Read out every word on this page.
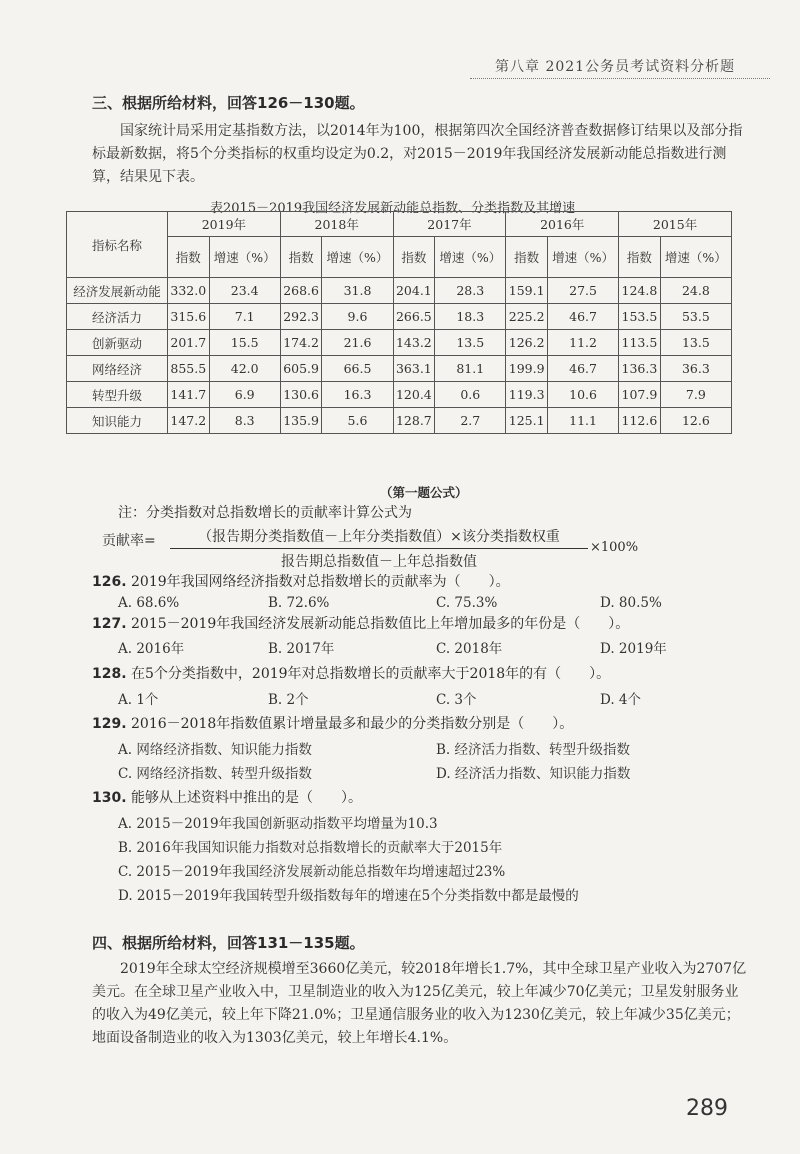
第八章 2021公务员考试资料分析题
三、根据所给材料，回答126－130题。
国家统计局采用定基指数方法，以2014年为100，根据第四次全国经济普查数据修订结果以及部分指标最新数据，将5个分类指标的权重均设定为0.2，对2015－2019年我国经济发展新动能总指数进行测算，结果见下表。
表2015－2019我国经济发展新动能总指数、分类指数及其增速
指标名称	2019年		2018年		2017年		2016年		2015年	
	指数	增速（%）	指数	增速（%）	指数	增速（%）	指数	增速（%）	指数	增速（%）
经济发展新动能	332.0	23.4	268.6	31.8	204.1	28.3	159.1	27.5	124.8	24.8
经济活力	315.6	7.1	292.3	9.6	266.5	18.3	225.2	46.7	153.5	53.5
创新驱动	201.7	15.5	174.2	21.6	143.2	13.5	126.2	11.2	113.5	13.5
网络经济	855.5	42.0	605.9	66.5	363.1	81.1	199.9	46.7	136.3	36.3
转型升级	141.7	6.9	130.6	16.3	120.4	0.6	119.3	10.6	107.9	7.9
知识能力	147.2	8.3	135.9	5.6	128.7	2.7	125.1	11.1	112.6	12.6
（第一题公式）
注：分类指数对总指数增长的贡献率计算公式为
贡献率=	（报告期分类指数值－上年分类指数值）×该分类指数权重
报告期总指数值－上年总指数值
×100%
126. 2019年我国网络经济指数对总指数增长的贡献率为（　　）。
A. 68.6%	B. 72.6%	C. 75.3%	D. 80.5%
127. 2015－2019年我国经济发展新动能总指数值比上年增加最多的年份是（　　）。
A. 2016年	B. 2017年	C. 2018年	D. 2019年
128. 在5个分类指数中，2019年对总指数增长的贡献率大于2018年的有（　　）。
A. 1个	B. 2个	C. 3个	D. 4个
129. 2016－2018年指数值累计增量最多和最少的分类指数分别是（　　）。
A. 网络经济指数、知识能力指数	B. 经济活力指数、转型升级指数
C. 网络经济指数、转型升级指数	D. 经济活力指数、知识能力指数
130. 能够从上述资料中推出的是（　　）。
A. 2015－2019年我国创新驱动指数平均增量为10.3
B. 2016年我国知识能力指数对总指数增长的贡献率大于2015年
C. 2015－2019年我国经济发展新动能总指数年均增速超过23%
D. 2015－2019年我国转型升级指数每年的增速在5个分类指数中都是最慢的
四、根据所给材料，回答131－135题。
2019年全球太空经济规模增至3660亿美元，较2018年增长1.7%，其中全球卫星产业收入为2707亿美元。在全球卫星产业收入中，卫星制造业的收入为125亿美元，较上年减少70亿美元；卫星发射服务业的收入为49亿美元，较上年下降21.0%；卫星通信服务业的收入为1230亿美元，较上年减少35亿美元；地面设备制造业的收入为1303亿美元，较上年增长4.1%。
289
